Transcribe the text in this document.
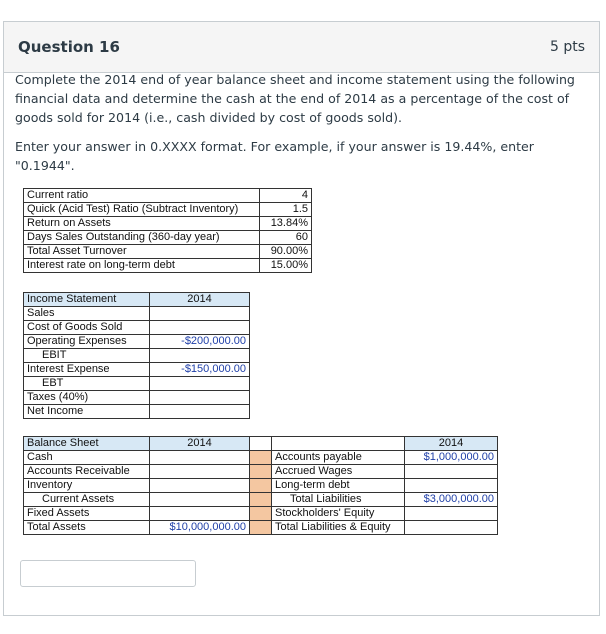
Question 16	5 pts

Complete the 2014 end of year balance sheet and income statement using the following financial data and determine the cash at the end of 2014 as a percentage of the cost of goods sold for 2014 (i.e., cash divided by cost of goods sold).

Enter your answer in 0.XXXX format. For example, if your answer is 19.44%, enter "0.1944".

Current ratio	4
Quick (Acid Test) Ratio (Subtract Inventory)	1.5
Return on Assets	13.84%
Days Sales Outstanding (360-day year)	60
Total Asset Turnover	90.00%
Interest rate on long-term debt	15.00%
Income Statement	2014
Sales	
Cost of Goods Sold	
Operating Expenses	-$200,000.00
EBIT	
Interest Expense	-$150,000.00
EBT	
Taxes (40%)	
Net Income	
Balance Sheet	2014			2014
Cash			Accounts payable	$1,000,000.00
Accounts Receivable			Accrued Wages	
Inventory			Long-term debt	
Current Assets			Total Liabilities	$3,000,000.00
Fixed Assets			Stockholders' Equity	
Total Assets	$10,000,000.00		Total Liabilities & Equity	
